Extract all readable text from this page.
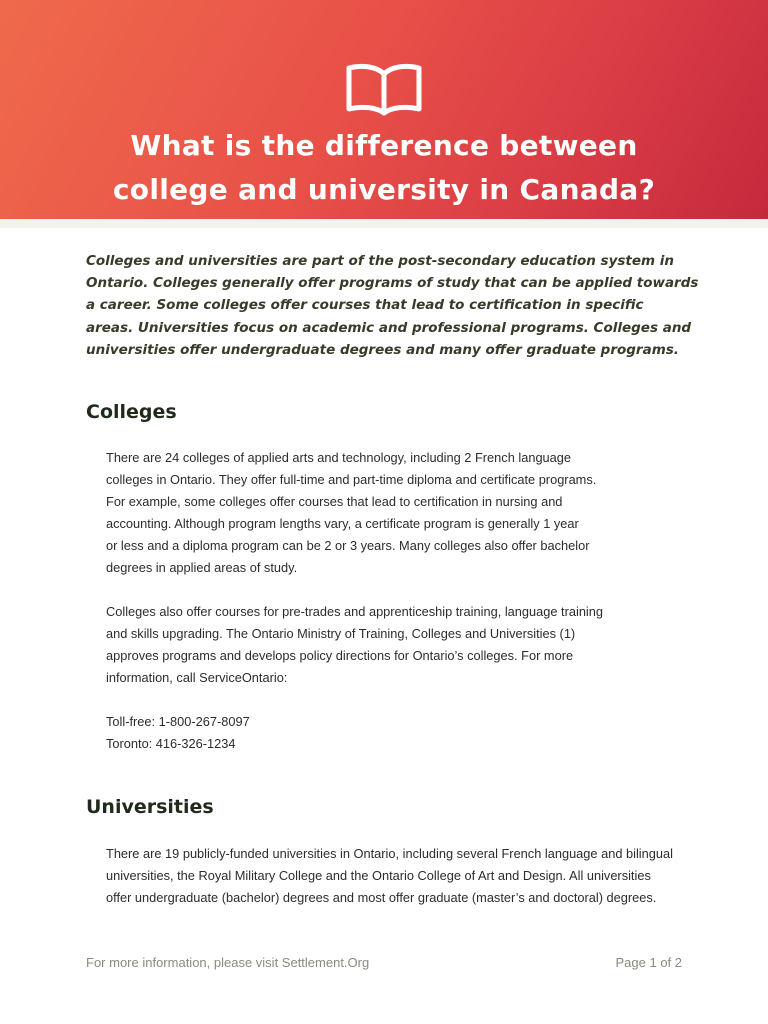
What is the difference between
college and university in Canada?

Colleges and universities are part of the post-secondary education system in
Ontario. Colleges generally offer programs of study that can be applied towards
a career. Some colleges offer courses that lead to certification in specific
areas. Universities focus on academic and professional programs. Colleges and
universities offer undergraduate degrees and many offer graduate programs.

Colleges

There are 24 colleges of applied arts and technology, including 2 French language
colleges in Ontario. They offer full-time and part-time diploma and certificate programs.
For example, some colleges offer courses that lead to certification in nursing and
accounting. Although program lengths vary, a certificate program is generally 1 year
or less and a diploma program can be 2 or 3 years. Many colleges also offer bachelor
degrees in applied areas of study.

Colleges also offer courses for pre-trades and apprenticeship training, language training
and skills upgrading. The Ontario Ministry of Training, Colleges and Universities (1)
approves programs and develops policy directions for Ontario’s colleges. For more
information, call ServiceOntario:

Toll-free: 1-800-267-8097
Toronto: 416-326-1234

Universities

There are 19 publicly-funded universities in Ontario, including several French language and bilingual
universities, the Royal Military College and the Ontario College of Art and Design. All universities
offer undergraduate (bachelor) degrees and most offer graduate (master’s and doctoral) degrees.

For more information, please visit Settlement.Org	Page 1 of 2
